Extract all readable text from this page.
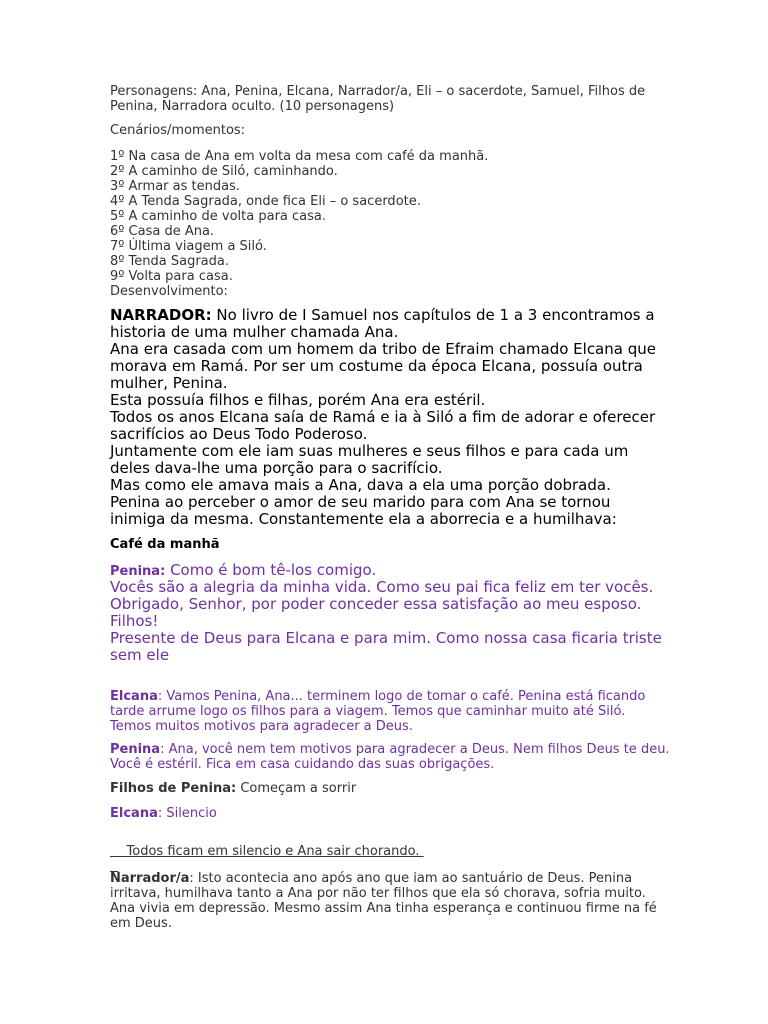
Personagens: Ana, Penina, Elcana, Narrador/a, Eli – o sacerdote, Samuel, Filhos de Penina, Narradora oculto. (10 personagens)

Cenários/momentos:

1º Na casa de Ana em volta da mesa com café da manhã.
2º A caminho de Siló, caminhando.
3º Armar as tendas.
4º A Tenda Sagrada, onde fica Eli – o sacerdote.
5º A caminho de volta para casa.
6º Casa de Ana.
7º Última viagem a Siló.
8º Tenda Sagrada.
9º Volta para casa.
Desenvolvimento:
NARRADOR: No livro de I Samuel nos capítulos de 1 a 3 encontramos a historia de uma mulher chamada Ana.
Ana era casada com um homem da tribo de Efraim chamado Elcana que morava em Ramá. Por ser um costume da época Elcana, possuía outra mulher, Penina.
Esta possuía filhos e filhas, porém Ana era estéril.
Todos os anos Elcana saía de Ramá e ia à Siló a fim de adorar e oferecer sacrifícios ao Deus Todo Poderoso.
Juntamente com ele iam suas mulheres e seus filhos e para cada um deles dava-lhe uma porção para o sacrifício.
Mas como ele amava mais a Ana, dava a ela uma porção dobrada.
Penina ao perceber o amor de seu marido para com Ana se tornou inimiga da mesma. Constantemente ela a aborrecia e a humilhava:

Café da manhã

Penina: Como é bom tê-los comigo.
Vocês são a alegria da minha vida. Como seu pai fica feliz em ter vocês.
Obrigado, Senhor, por poder conceder essa satisfação ao meu esposo. Filhos!
Presente de Deus para Elcana e para mim. Como nossa casa ficaria triste sem ele

Elcana: Vamos Penina, Ana... terminem logo de tomar o café. Penina está ficando tarde arrume logo os filhos para a viagem. Temos que caminhar muito até Siló. Temos muitos motivos para agradecer a Deus.

Penina: Ana, você nem tem motivos para agradecer a Deus. Nem filhos Deus te deu. Você é estéril. Fica em casa cuidando das suas obrigações.

Filhos de Penina: Começam a sorrir

Elcana: Silencio

Todos ficam em silencio e Ana sair chorando.

Narrador/a: Isto acontecia ano após ano que iam ao santuário de Deus. Penina irritava, humilhava tanto a Ana por não ter filhos que ela só chorava, sofria muito. Ana vivia em depressão. Mesmo assim Ana tinha esperança e continuou firme na fé em Deus.
